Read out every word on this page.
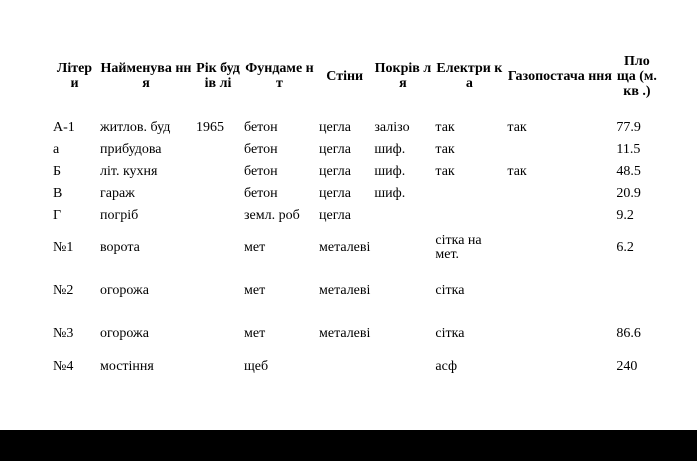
Літер и	Найменува ння	Рік будів лі	Фундаме нт	Стіни	Покрів ля	Електри ка	Газопостача ння	Пло ща (м.кв .)
А-1	житлов. буд	1965	бетон	цегла	залізо	так	так	77.9
а	прибудова		бетон	цегла	шиф.	так		11.5
Б	літ. кухня		бетон	цегла	шиф.	так	так	48.5
В	гараж		бетон	цегла	шиф.			20.9
Г	погріб		земл. роб	цегла				9.2
№1	ворота		мет	металеві		сітка на мет.		6.2
№2	огорожа		мет	металеві		сітка		
№3	огорожа		мет	металеві		сітка		86.6
№4	мостіння		щеб			асф		240
